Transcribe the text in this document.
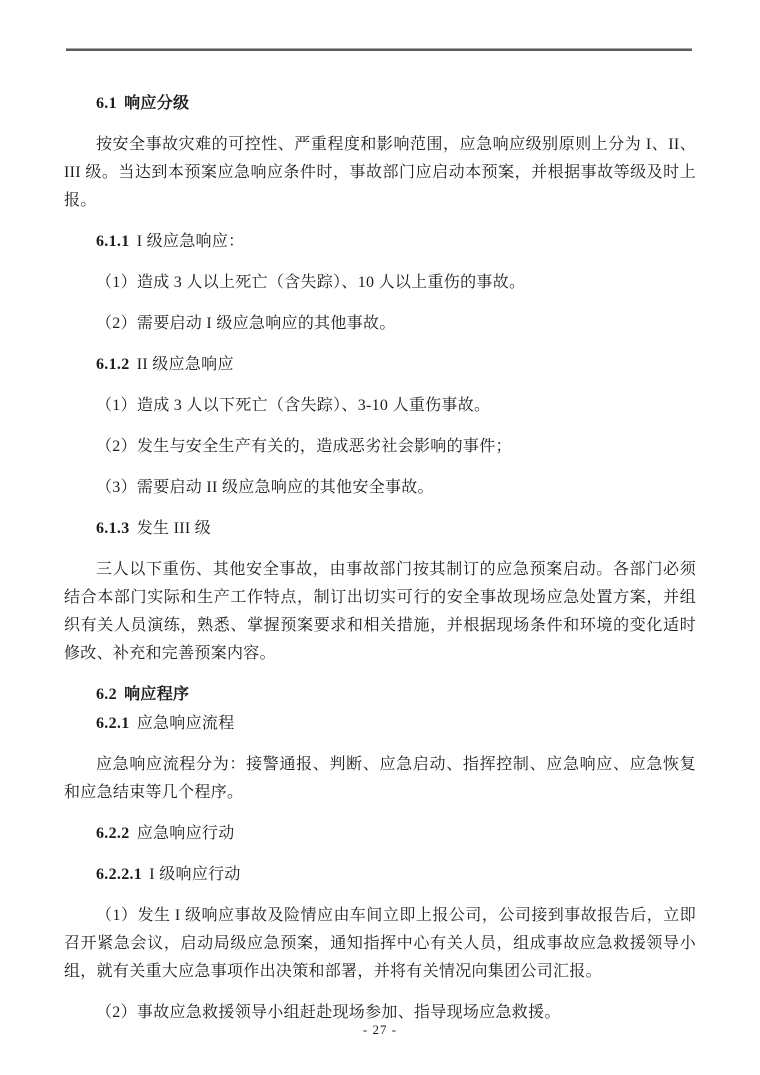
6.1 响应分级

按安全事故灾难的可控性、严重程度和影响范围，应急响应级别原则上分为 I、II、III 级。当达到本预案应急响应条件时，事故部门应启动本预案，并根据事故等级及时上报。

6.1.1 I 级应急响应：

（1）造成 3 人以上死亡（含失踪）、10 人以上重伤的事故。

（2）需要启动 I 级应急响应的其他事故。

6.1.2 II 级应急响应

（1）造成 3 人以下死亡（含失踪）、3-10 人重伤事故。

（2）发生与安全生产有关的，造成恶劣社会影响的事件；

（3）需要启动 II 级应急响应的其他安全事故。

6.1.3 发生 III 级

三人以下重伤、其他安全事故，由事故部门按其制订的应急预案启动。各部门必须结合本部门实际和生产工作特点，制订出切实可行的安全事故现场应急处置方案，并组织有关人员演练，熟悉、掌握预案要求和相关措施，并根据现场条件和环境的变化适时修改、补充和完善预案内容。

6.2 响应程序

6.2.1 应急响应流程

应急响应流程分为：接警通报、判断、应急启动、指挥控制、应急响应、应急恢复和应急结束等几个程序。

6.2.2 应急响应行动

6.2.2.1 I 级响应行动

（1）发生 I 级响应事故及险情应由车间立即上报公司，公司接到事故报告后，立即召开紧急会议，启动局级应急预案，通知指挥中心有关人员，组成事故应急救援领导小组，就有关重大应急事项作出决策和部署，并将有关情况向集团公司汇报。

（2）事故应急救援领导小组赶赴现场参加、指导现场应急救援。

- 27 -
